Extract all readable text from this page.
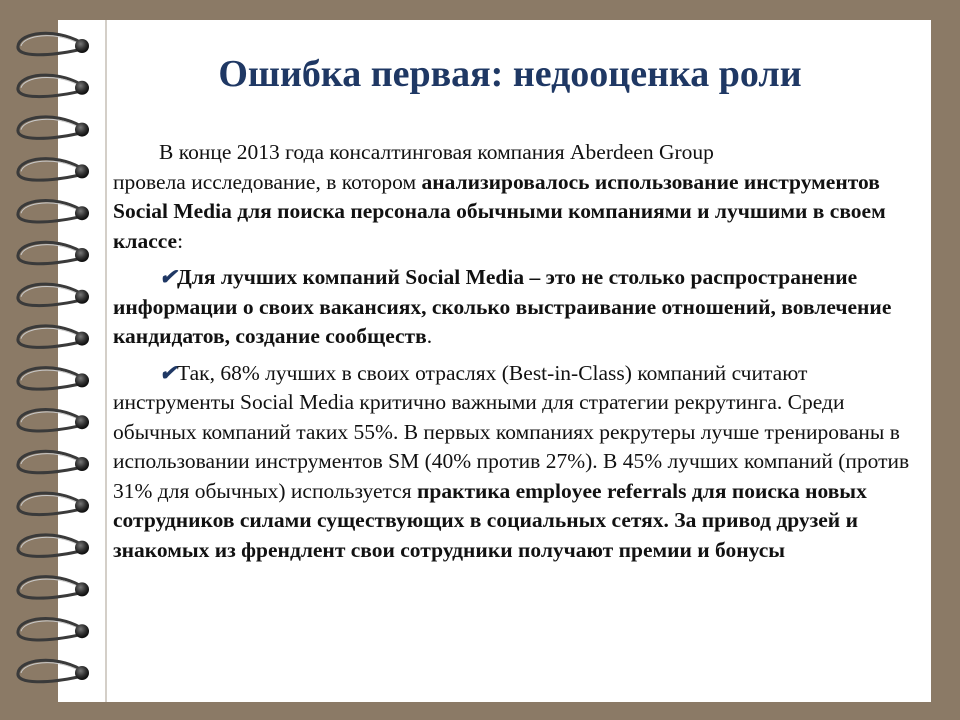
Ошибка первая: недооценка роли

В конце 2013 года консалтинговая компания Aberdeen Group
провела исследование, в котором анализировалось использование инструментов Social Media для поиска персонала обычными компаниями и лучшими в своем классе:

✔Для лучших компаний Social Media – это не столько распространение информации о своих вакансиях, сколько выстраивание отношений, вовлечение кандидатов, создание сообществ.

✔Так, 68% лучших в своих отраслях (Best-in-Class) компаний считают инструменты Social Media критично важными для стратегии рекрутинга. Среди обычных компаний таких 55%. В первых компаниях рекрутеры лучше тренированы в использовании инструментов SM (40% против 27%). В 45% лучших компаний (против 31% для обычных) используется практика employee referrals для поиска новых сотрудников силами существующих в социальных сетях. За привод друзей и знакомых из френдлент свои сотрудники получают премии и бонусы
